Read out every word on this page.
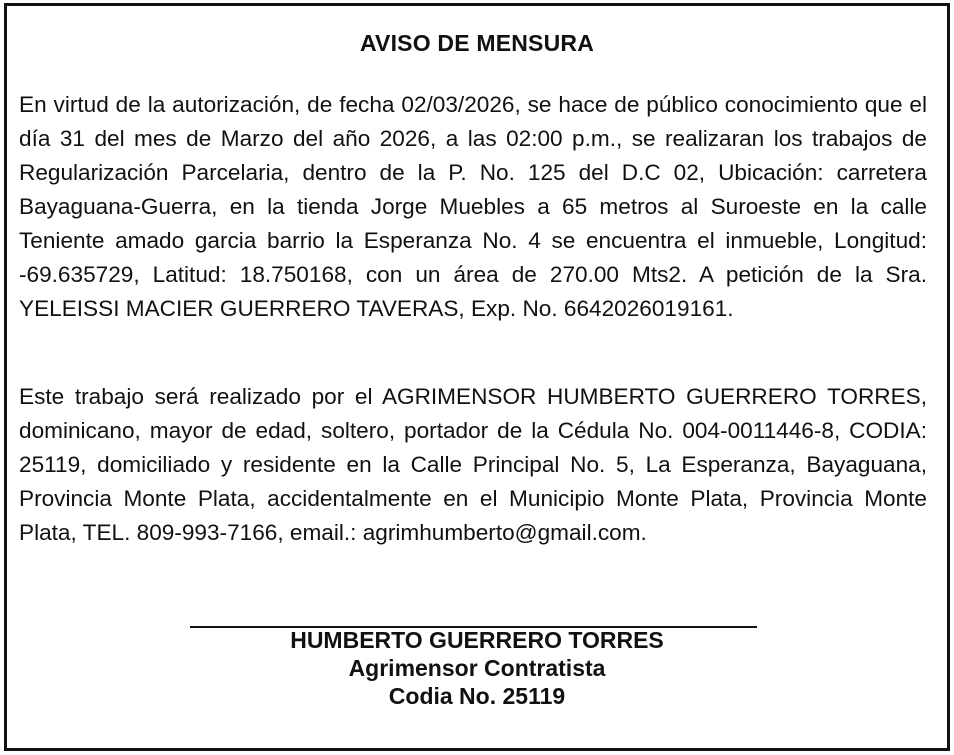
AVISO DE MENSURA

En virtud de la autorización, de fecha 02/03/2026, se hace de público conocimiento que el día 31 del mes de Marzo del año 2026, a las 02:00 p.m., se realizaran los trabajos de Regularización Parcelaria, dentro de la P. No. 125 del D.C 02, Ubicación: carretera Bayaguana-Guerra, en la tienda Jorge Muebles a 65 metros al Suroeste en la calle Teniente amado garcia barrio la Esperanza No. 4 se encuentra el inmueble, Longitud: -69.635729, Latitud: 18.750168, con un área de 270.00 Mts2. A petición de la Sra. YELEISSI MACIER GUERRERO TAVERAS, Exp. No. 6642026019161.

Este trabajo será realizado por el AGRIMENSOR HUMBERTO GUERRERO TORRES, dominicano, mayor de edad, soltero, portador de la Cédula No. 004-0011446-8, CODIA: 25119, domiciliado y residente en la Calle Principal No. 5, La Esperanza, Bayaguana, Provincia Monte Plata, accidentalmente en el Municipio Monte Plata, Provincia Monte Plata, TEL. 809-993-7166, email.: agrimhumberto@gmail.com.

HUMBERTO GUERRERO TORRES
Agrimensor Contratista
Codia No. 25119
